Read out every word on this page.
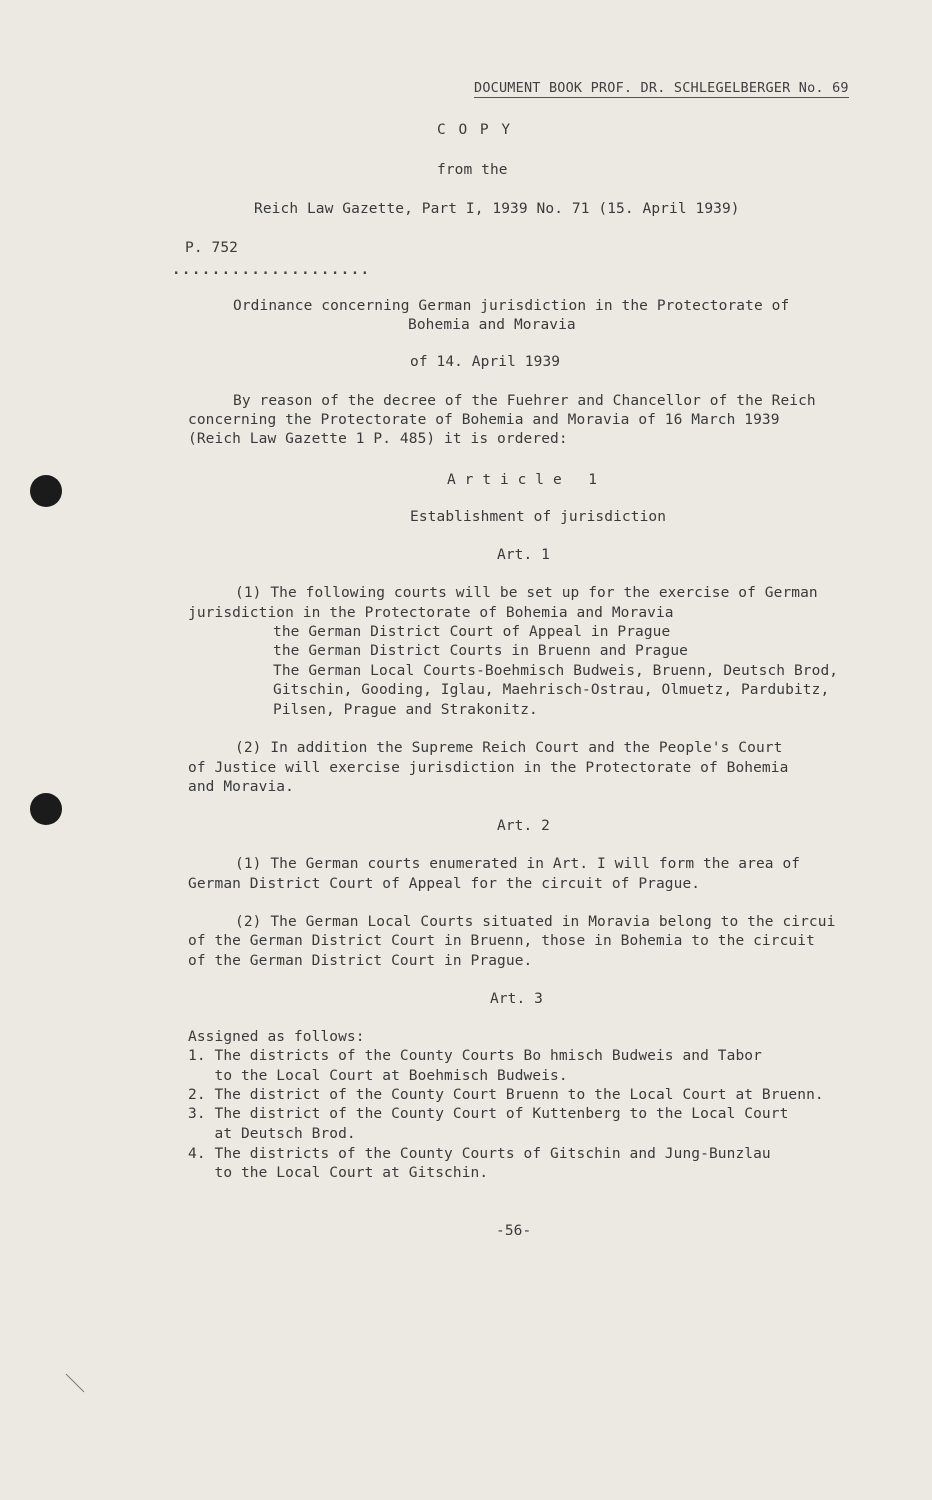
DOCUMENT BOOK PROF. DR. SCHLEGELBERGER No. 69
C O P Y
from the
Reich Law Gazette, Part I, 1939 No. 71 (15. April 1939)
P. 752
....................
Ordinance concerning German jurisdiction in the Protectorate of
Bohemia and Moravia
of 14. April 1939
By reason of the decree of the Fuehrer and Chancellor of the Reich
concerning the Protectorate of Bohemia and Moravia of 16 March 1939
(Reich Law Gazette 1 P. 485) it is ordered:
A r t i c l e   1
Establishment of jurisdiction
Art. 1
(1) The following courts will be set up for the exercise of German
jurisdiction in the Protectorate of Bohemia and Moravia
the German District Court of Appeal in Prague
the German District Courts in Bruenn and Prague
The German Local Courts-Boehmisch Budweis, Bruenn, Deutsch Brod,
Gitschin, Gooding, Iglau, Maehrisch-Ostrau, Olmuetz, Pardubitz,
Pilsen, Prague and Strakonitz.
(2) In addition the Supreme Reich Court and the People's Court
of Justice will exercise jurisdiction in the Protectorate of Bohemia
and Moravia.
Art. 2
(1) The German courts enumerated in Art. I will form the area of
German District Court of Appeal for the circuit of Prague.
(2) The German Local Courts situated in Moravia belong to the circui
of the German District Court in Bruenn, those in Bohemia to the circuit
of the German District Court in Prague.
Art. 3
Assigned as follows:
1. The districts of the County Courts Bo hmisch Budweis and Tabor
to the Local Court at Boehmisch Budweis.
2. The district of the County Court Bruenn to the Local Court at Bruenn.
3. The district of the County Court of Kuttenberg to the Local Court
at Deutsch Brod.
4. The districts of the County Courts of Gitschin and Jung-Bunzlau
to the Local Court at Gitschin.
-56-
